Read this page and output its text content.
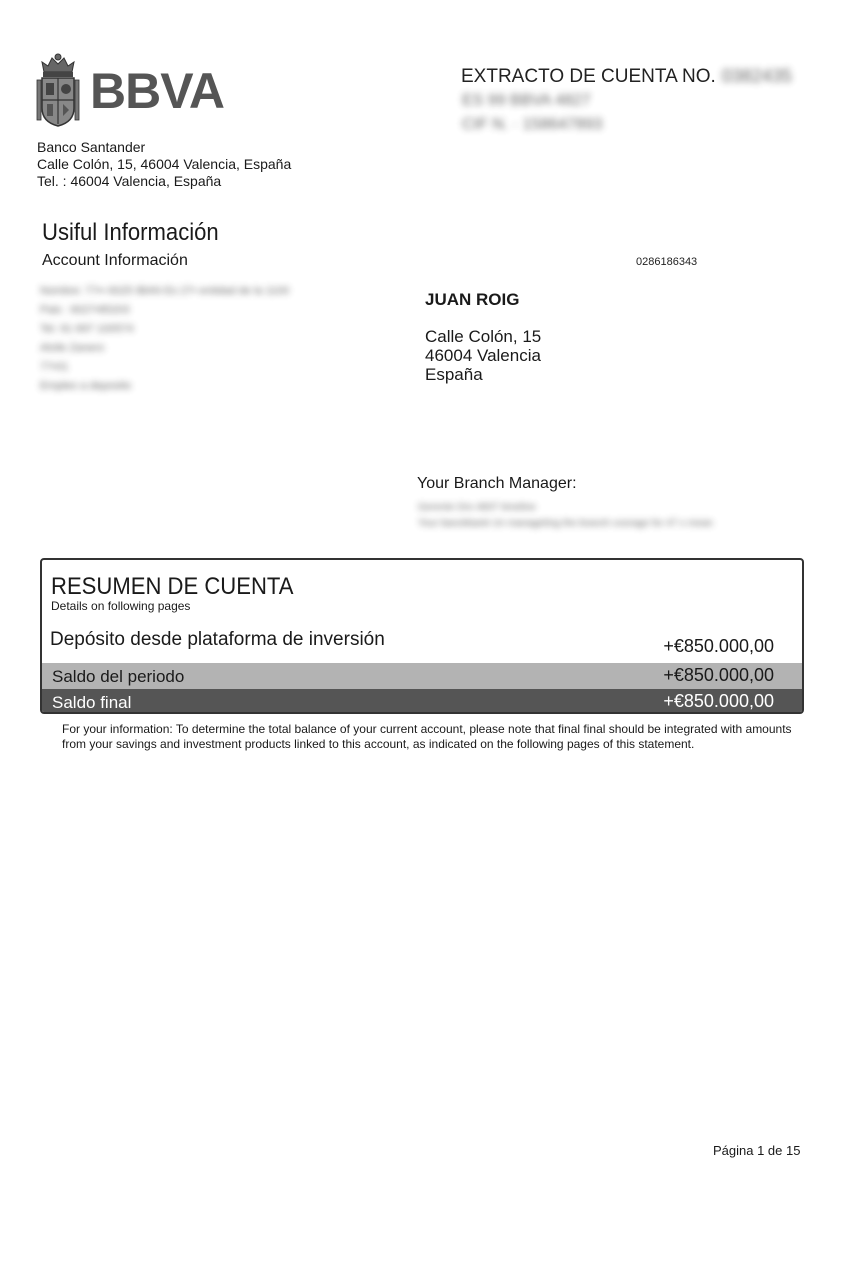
BBVA
Banco Santander
Calle Colón, 15, 46004 Valencia, España
Tel. : 46004 Valencia, España
EXTRACTO DE CUENTA NO. 0382435
ES 99 BBVA 4827
CIF N. · 158647893
Usiful Información
Account Información	0286186343
Nombre: 77•• 6025 IBAN Es 27• entidad de la 1100
Pais : 6027•85203
Tel. 91 697 100574
Alvile Zanero
77•01
Empleo a deposito
JUAN ROIG
Calle Colón, 15
46004 Valencia
España
Your Branch Manager:
Gerente Oro 4607 timeline
Your banckbank Un manageting the branch coorage for 47 x mean
RESUMEN DE CUENTA
Details on following pages
Depósito desde plataforma de inversión	+€850.000,00
Saldo del periodo	+€850.000,00
Saldo final	+€850.000,00
For your information: To determine the total balance of your current account, please note that final final should be integrated with amounts from your savings and investment products linked to this account, as indicated on the following pages of this statement.
Página 1 de 15
